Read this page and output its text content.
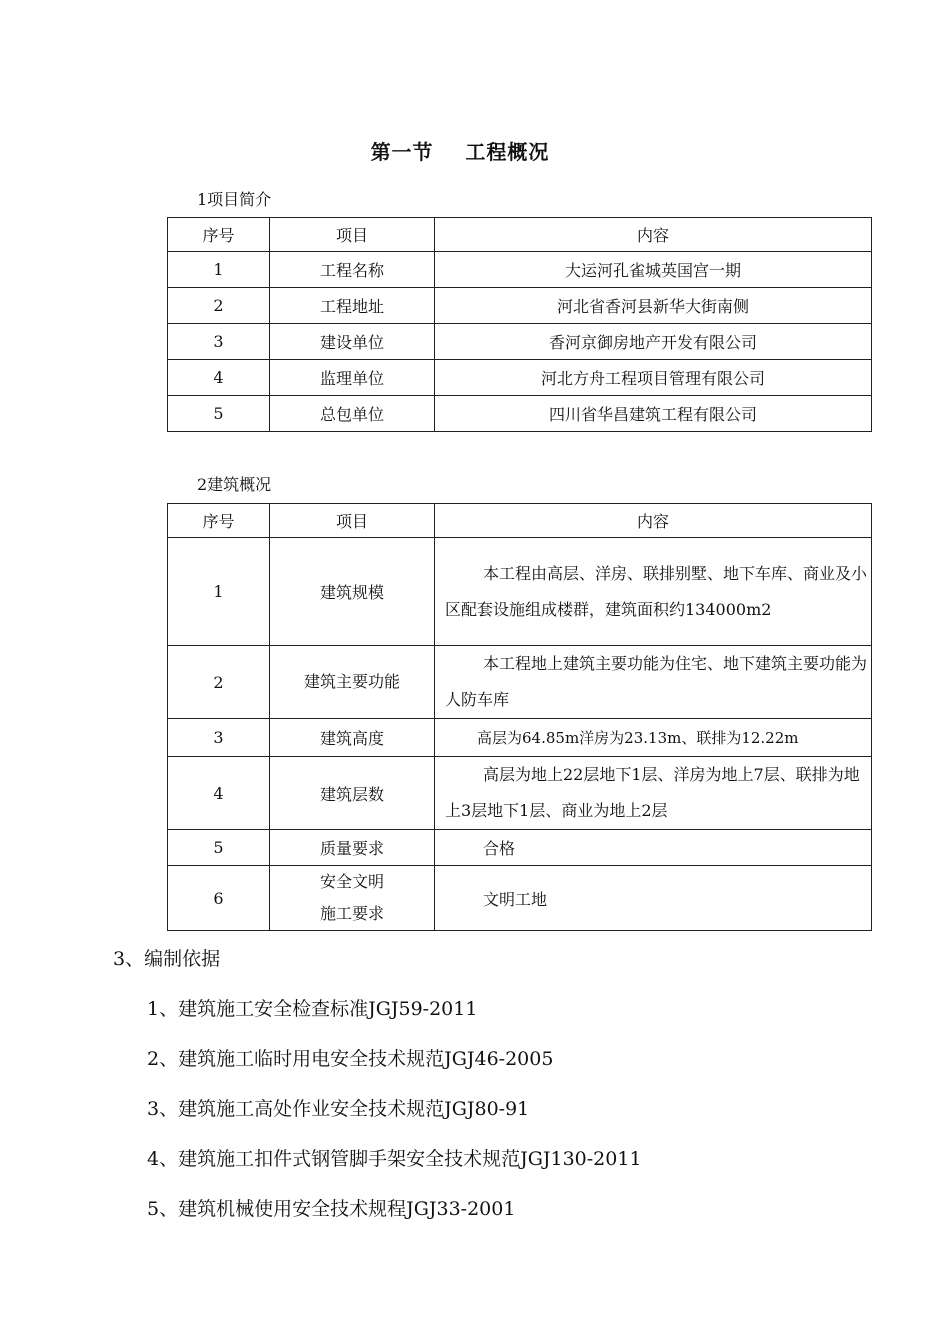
第一节    工程概况
1项目简介
序号	项目	内容
1	工程名称	大运河孔雀城英国宫一期
2	工程地址	河北省香河县新华大街南侧
3	建设单位	香河京御房地产开发有限公司
4	监理单位	河北方舟工程项目管理有限公司
5	总包单位	四川省华昌建筑工程有限公司
2建筑概况
序号	项目	内容
1	建筑规模	本工程由高层、洋房、联排别墅、地下车库、商业及小区配套设施组成楼群，建筑面积约134000m2

2	建筑主要功能	本工程地上建筑主要功能为住宅、地下建筑主要功能为人防车库

3	建筑高度	高层为64.85m洋房为23.13m、联排为12.22m

4	建筑层数	高层为地上22层地下1层、洋房为地上7层、联排为地上3层地下1层、商业为地上2层

5	质量要求	合格
6	安全文明施工要求	文明工地
3、编制依据
1、建筑施工安全检查标准JGJ59-2011
2、建筑施工临时用电安全技术规范JGJ46-2005
3、建筑施工高处作业安全技术规范JGJ80-91
4、建筑施工扣件式钢管脚手架安全技术规范JGJ130-2011
5、建筑机械使用安全技术规程JGJ33-2001
